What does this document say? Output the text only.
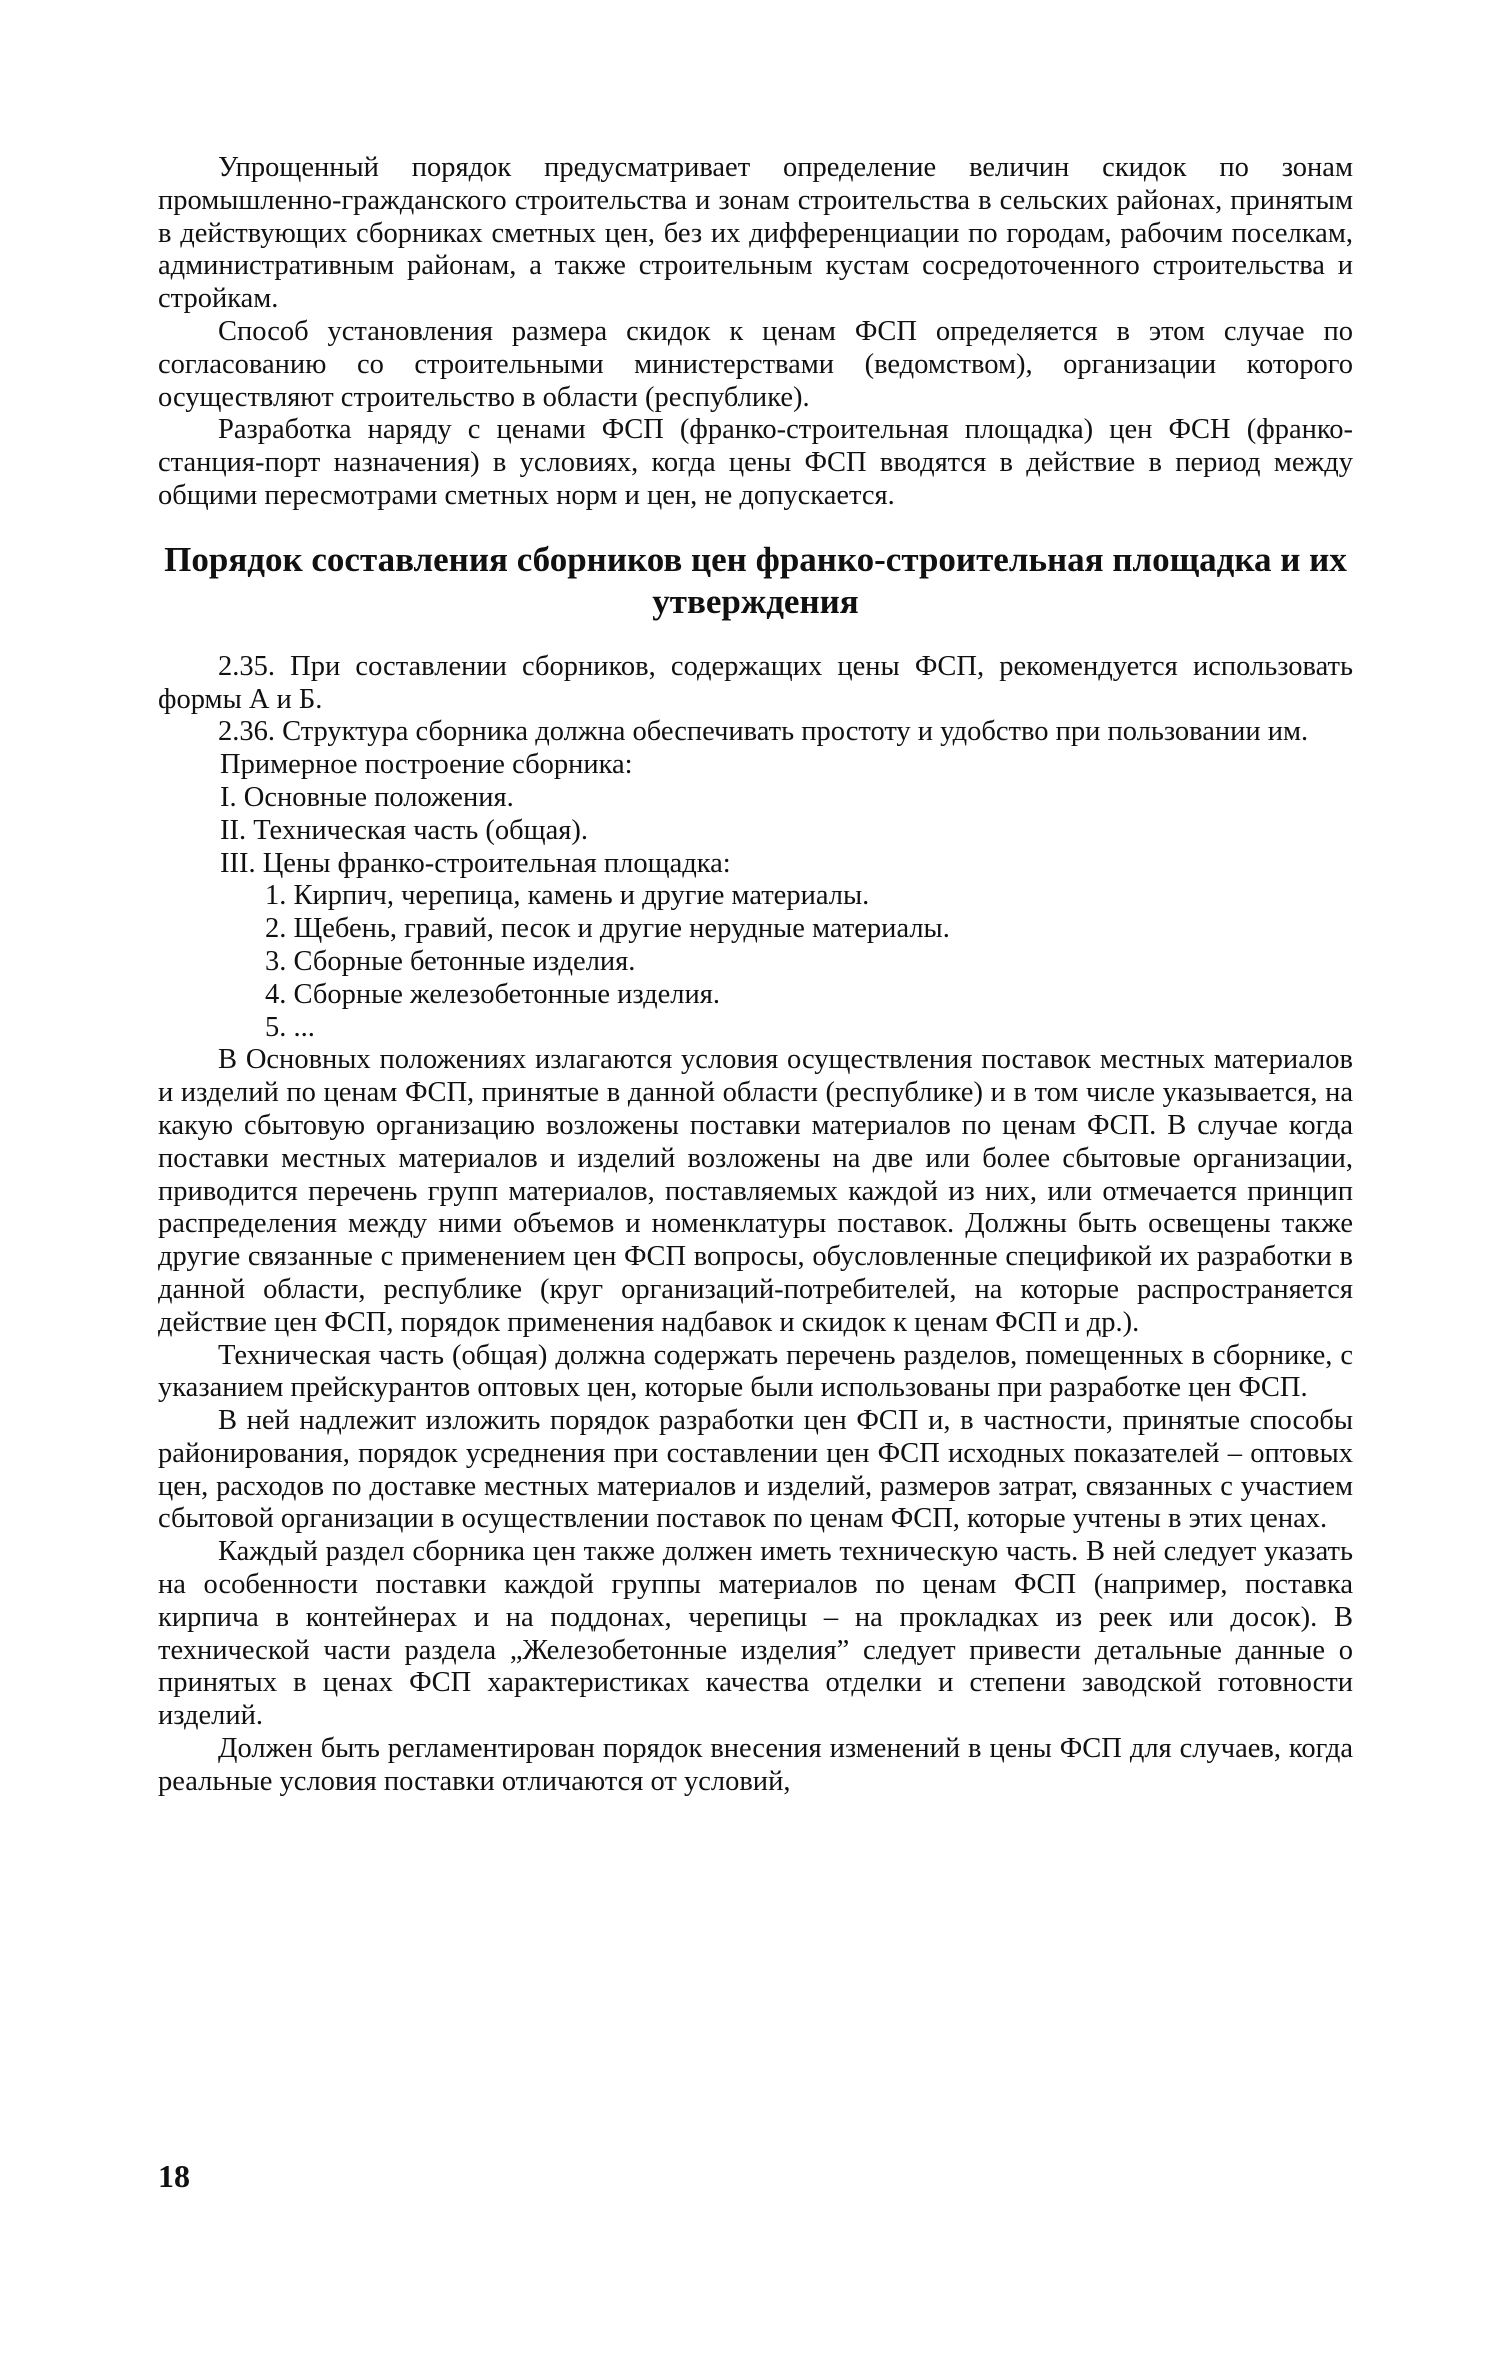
Упрощенный порядок предусматривает определение величин скидок по зонам промышленно-гражданского строительства и зонам строительства в сельских районах, принятым в действующих сборниках сметных цен, без их дифференциации по городам, рабочим поселкам, административным районам, а также строительным кустам сосредоточенного строительства и стройкам.

Способ установления размера скидок к ценам ФСП определяется в этом случае по согласованию со строительными министерствами (ведомством), организации которого осуществляют строительство в области (республике).

Разработка наряду с ценами ФСП (франко-строительная площадка) цен ФСН (франко-станция-порт назначения) в условиях, когда цены ФСП вводятся в действие в период между общими пересмотрами сметных норм и цен, не допускается.

Порядок составления сборников цен франко-строительная площадка и их утверждения

2.35. При составлении сборников, содержащих цены ФСП, рекомендуется использовать формы А и Б.

2.36. Структура сборника должна обеспечивать простоту и удобство при пользовании им.

Примерное построение сборника:

I. Основные положения.

II. Техническая часть (общая).

III. Цены франко-строительная площадка:

1. Кирпич, черепица, камень и другие материалы.

2. Щебень, гравий, песок и другие нерудные материалы.

3. Сборные бетонные изделия.

4. Сборные железобетонные изделия.

5. ...

В Основных положениях излагаются условия осуществления поставок местных материалов и изделий по ценам ФСП, принятые в данной области (республике) и в том числе указывается, на какую сбытовую организацию возложены поставки материалов по ценам ФСП. В случае когда поставки местных материалов и изделий возложены на две или более сбытовые организации, приводится перечень групп материалов, поставляемых каждой из них, или отмечается принцип распределения между ними объемов и номенклатуры поставок. Должны быть освещены также другие связанные с применением цен ФСП вопросы, обусловленные спецификой их разработки в данной области, республике (круг организаций-потребителей, на которые распространяется действие цен ФСП, порядок применения надбавок и скидок к ценам ФСП и др.).

Техническая часть (общая) должна содержать перечень разделов, помещенных в сборнике, с указанием прейскурантов оптовых цен, которые были использованы при разработке цен ФСП.

В ней надлежит изложить порядок разработки цен ФСП и, в частности, принятые способы районирования, порядок усреднения при составлении цен ФСП исходных показателей – оптовых цен, расходов по доставке местных материалов и изделий, размеров затрат, связанных с участием сбытовой организации в осуществлении поставок по ценам ФСП, которые учтены в этих ценах.

Каждый раздел сборника цен также должен иметь техническую часть. В ней следует указать на особенности поставки каждой группы материалов по ценам ФСП (например, поставка кирпича в контейнерах и на поддонах, черепицы – на прокладках из реек или досок). В технической части раздела „Железобетонные изделия” следует привести детальные данные о принятых в ценах ФСП характеристиках качества отделки и степени заводской готовности изделий.

Должен быть регламентирован порядок внесения изменений в цены ФСП для случаев, когда реальные условия поставки отличаются от условий,

18
